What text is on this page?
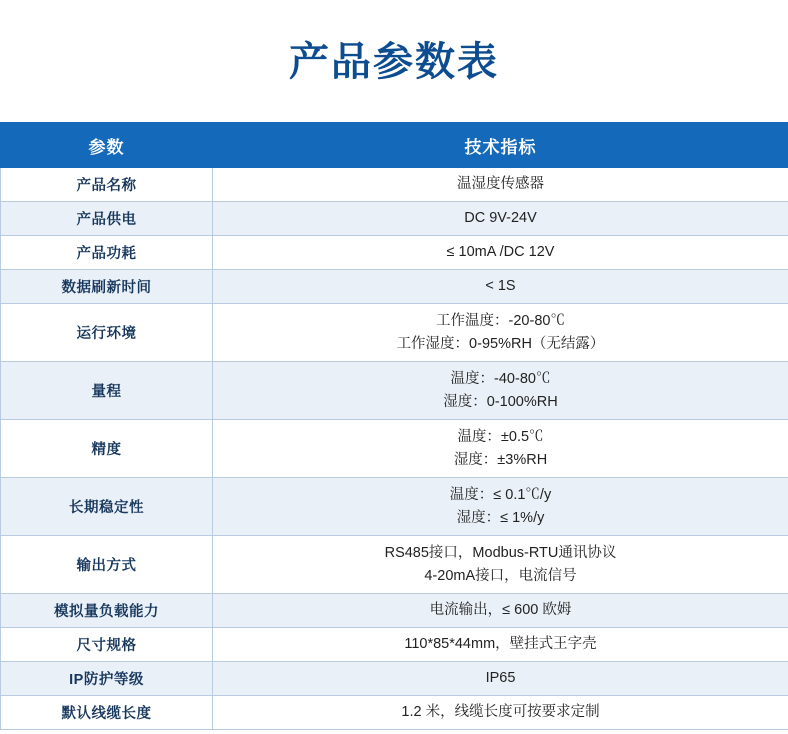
产品参数表
参数	技术指标
产品名称	温湿度传感器

产品供电	DC 9V-24V

产品功耗	≤ 10mA /DC 12V

数据刷新时间	< 1S

运行环境	工作温度：-20-80℃
工作湿度：0-95%RH（无结露）

量程	温度：-40-80℃
湿度：0-100%RH

精度	温度：±0.5℃
湿度：±3%RH

长期稳定性	温度：≤ 0.1℃/y
湿度：≤ 1%/y

输出方式	RS485接口，Modbus-RTU通讯协议
4-20mA接口，电流信号

模拟量负载能力	电流输出，≤ 600 欧姆

尺寸规格	110*85*44mm，壁挂式王字壳

IP防护等级	IP65

默认线缆长度	1.2 米，线缆长度可按要求定制
